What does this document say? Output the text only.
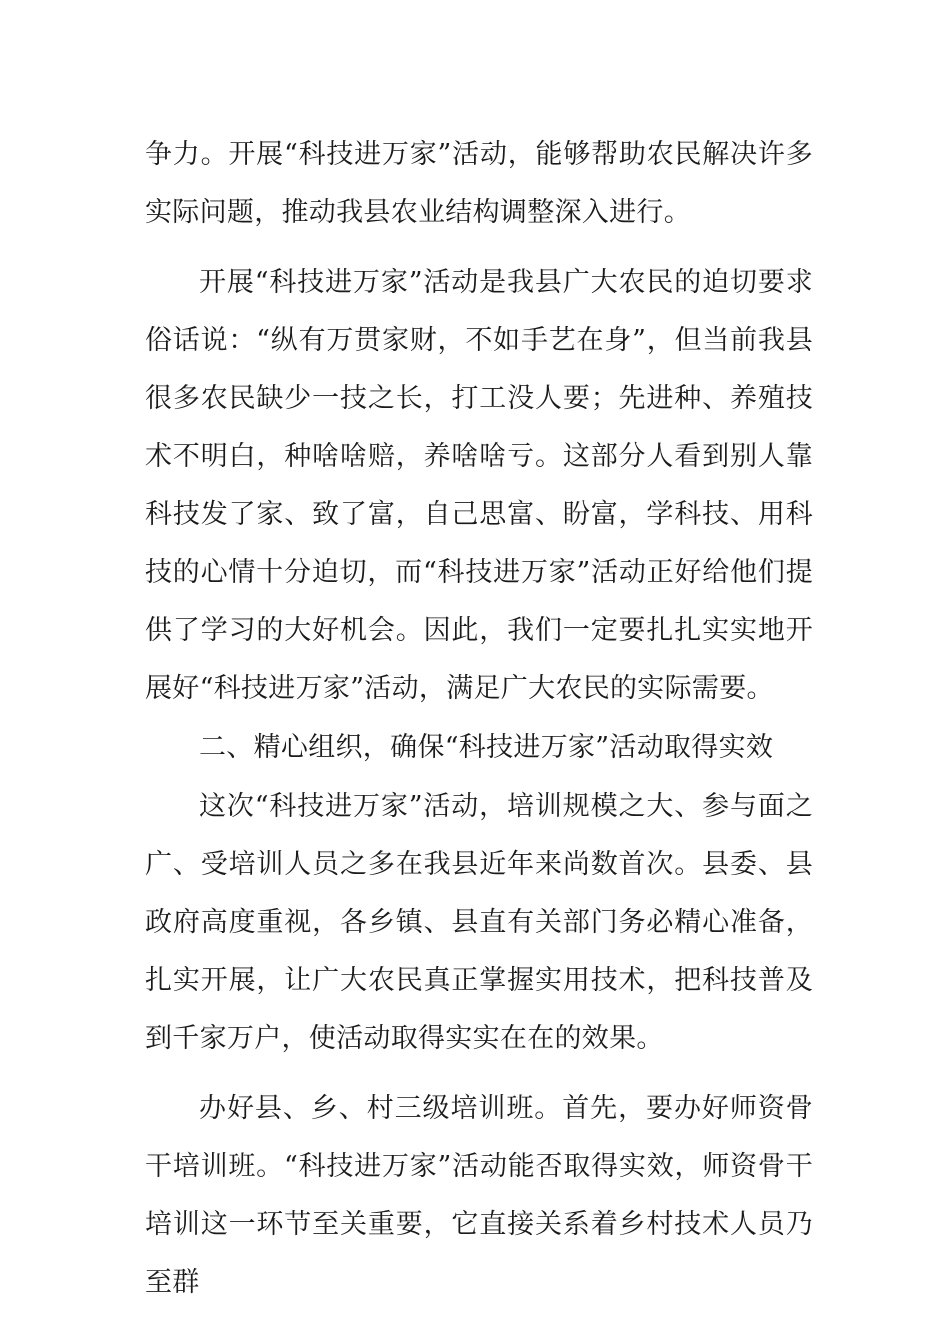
争力。开展“科技进万家”活动，能够帮助农民解决许多实际问题，推动我县农业结构调整深入进行。

开展“科技进万家”活动是我县广大农民的迫切要求俗话说：“纵有万贯家财，不如手艺在身”，但当前我县很多农民缺少一技之长，打工没人要；先进种、养殖技术不明白，种啥啥赔，养啥啥亏。这部分人看到别人靠科技发了家、致了富，自己思富、盼富，学科技、用科技的心情十分迫切，而“科技进万家”活动正好给他们提供了学习的大好机会。因此，我们一定要扎扎实实地开展好“科技进万家”活动，满足广大农民的实际需要。

二、精心组织，确保“科技进万家”活动取得实效

这次“科技进万家”活动，培训规模之大、参与面之广、受培训人员之多在我县近年来尚数首次。县委、县政府高度重视，各乡镇、县直有关部门务必精心准备，扎实开展，让广大农民真正掌握实用技术，把科技普及到千家万户，使活动取得实实在在的效果。

办好县、乡、村三级培训班。首先，要办好师资骨干培训班。“科技进万家”活动能否取得实效，师资骨干培训这一环节至关重要，它直接关系着乡村技术人员乃至群
